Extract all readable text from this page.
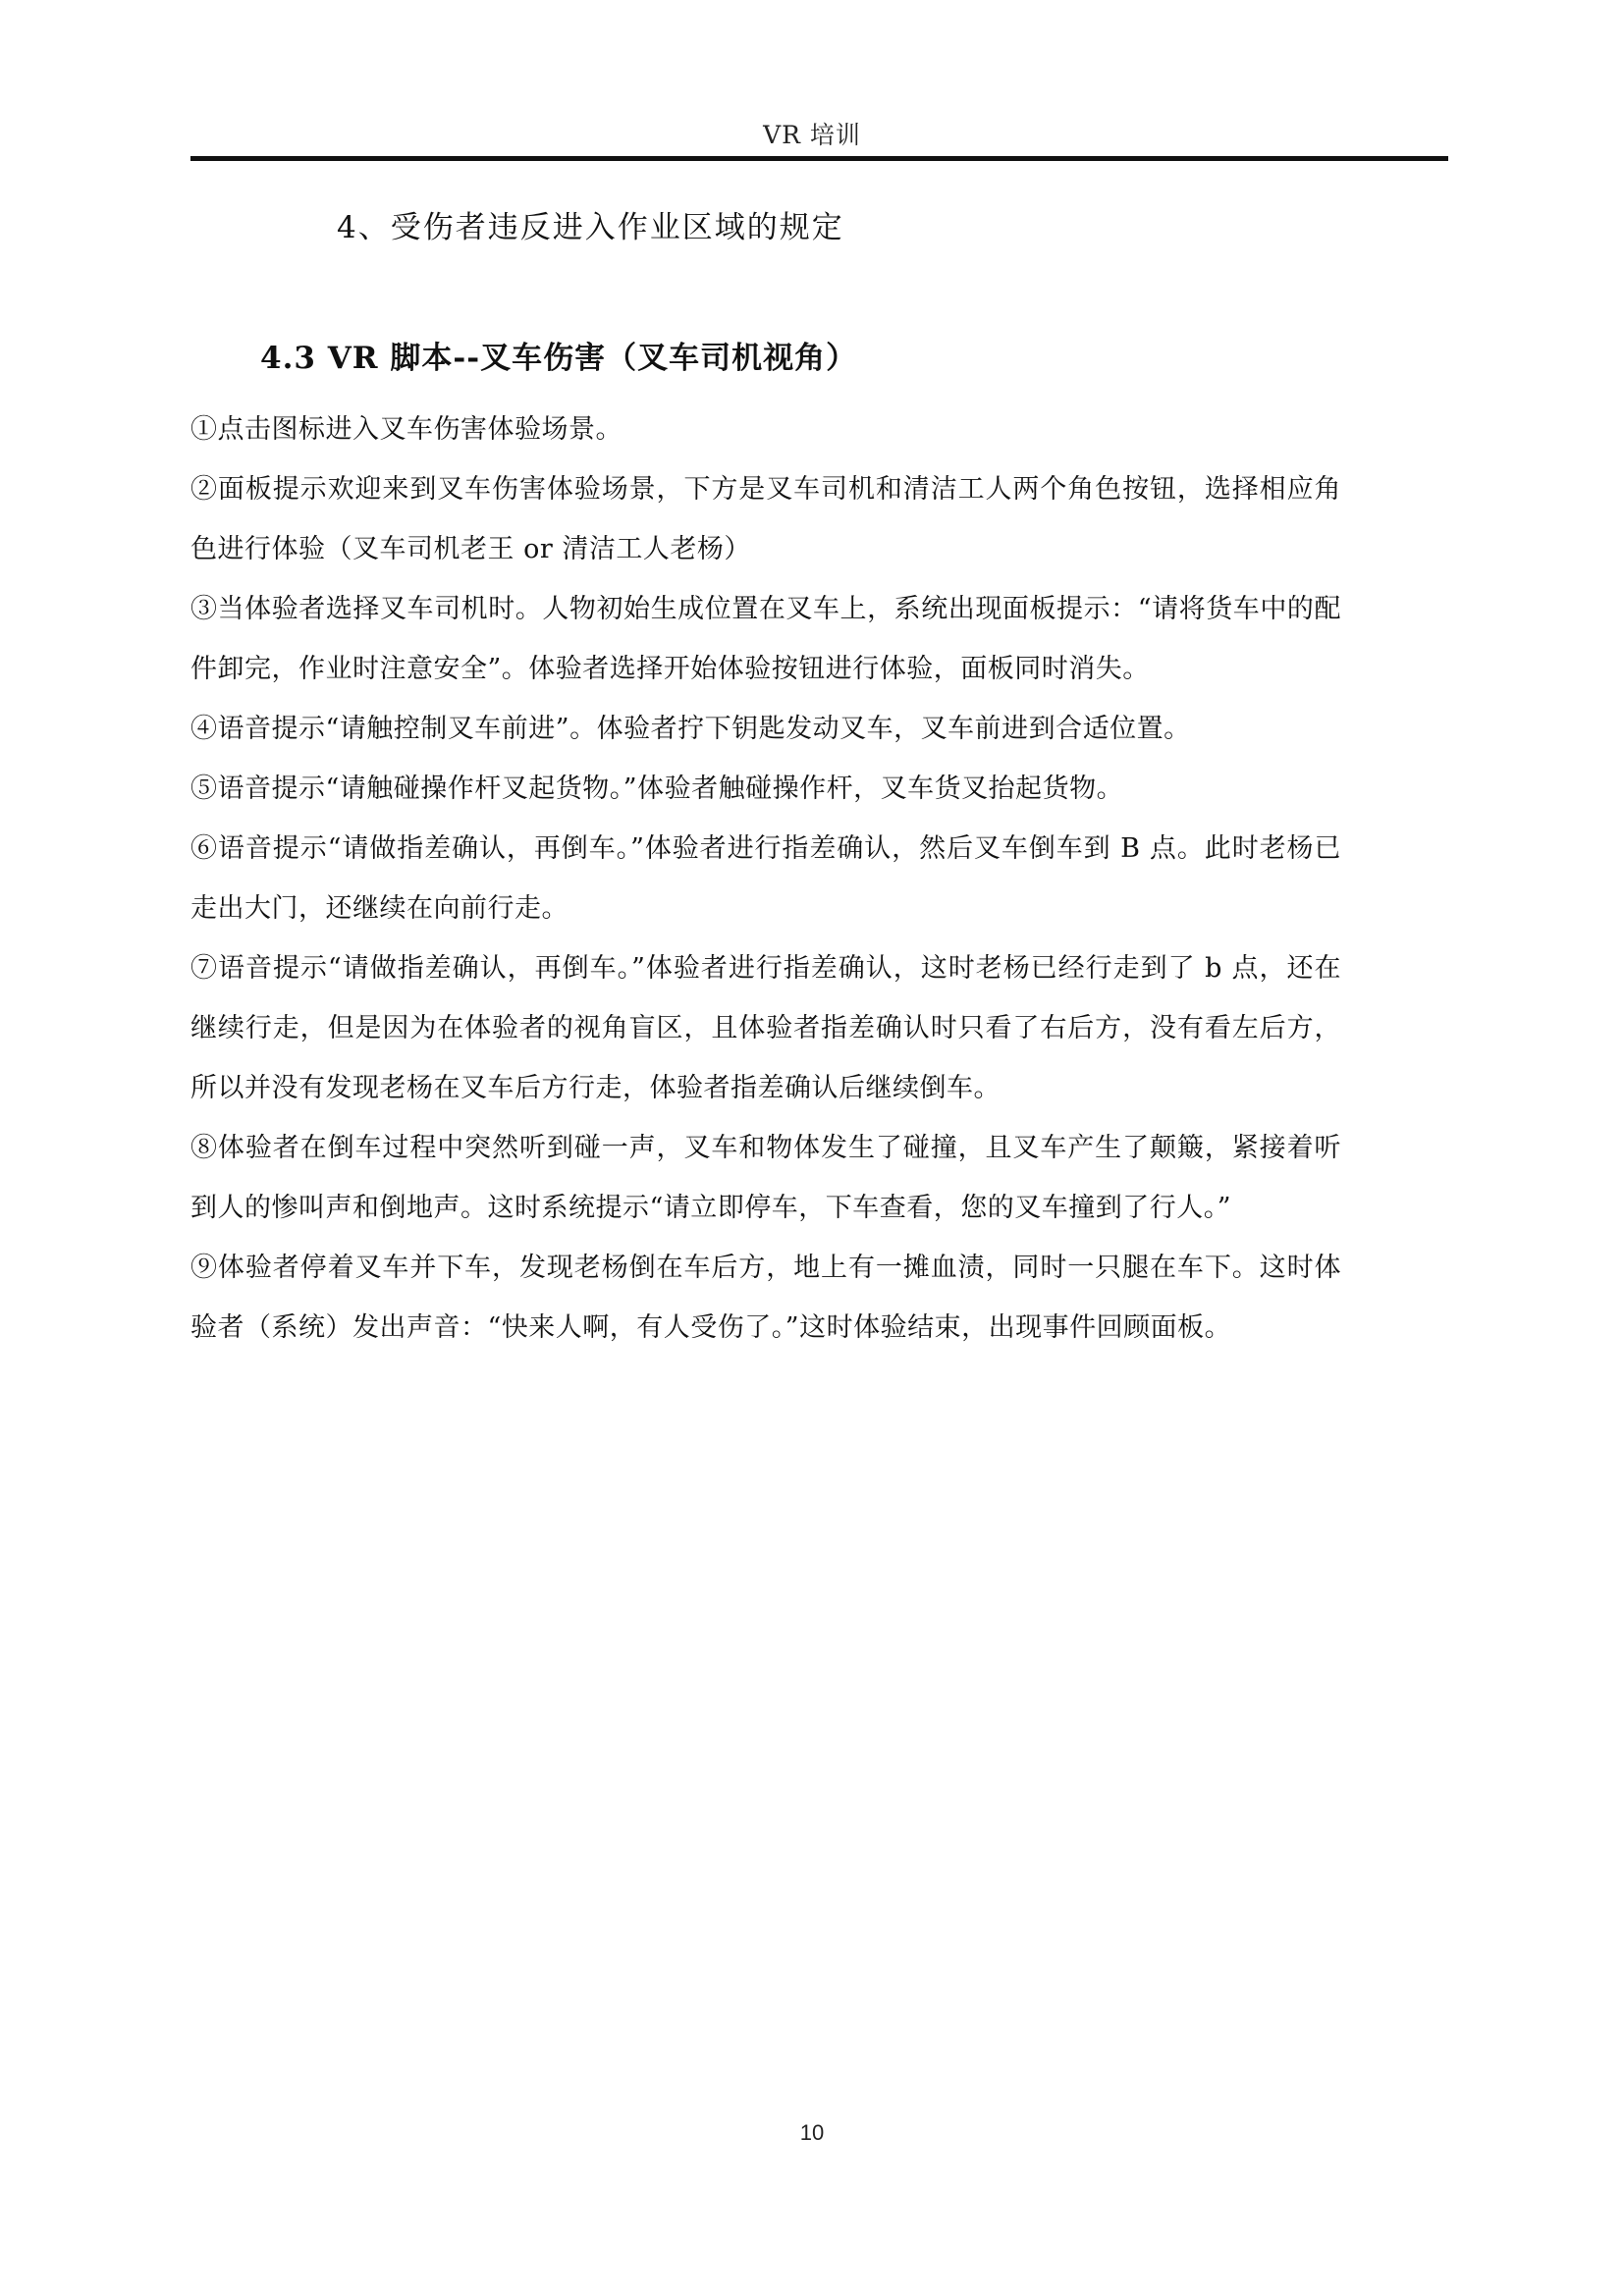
VR 培训
4、受伤者违反进入作业区域的规定
4.3 VR 脚本--叉车伤害（叉车司机视角）

①点击图标进入叉车伤害体验场景。

②面板提示欢迎来到叉车伤害体验场景，下方是叉车司机和清洁工人两个角色按钮，选择相应角色进行体验（叉车司机老王 or 清洁工人老杨）

③当体验者选择叉车司机时。人物初始生成位置在叉车上，系统出现面板提示：“请将货车中的配件卸完，作业时注意安全”。体验者选择开始体验按钮进行体验，面板同时消失。

④语音提示“请触控制叉车前进”。体验者拧下钥匙发动叉车，叉车前进到合适位置。

⑤语音提示“请触碰操作杆叉起货物。”体验者触碰操作杆，叉车货叉抬起货物。

⑥语音提示“请做指差确认，再倒车。”体验者进行指差确认，然后叉车倒车到 B 点。此时老杨已走出大门，还继续在向前行走。

⑦语音提示“请做指差确认，再倒车。”体验者进行指差确认，这时老杨已经行走到了 b 点，还在继续行走，但是因为在体验者的视角盲区，且体验者指差确认时只看了右后方，没有看左后方，所以并没有发现老杨在叉车后方行走，体验者指差确认后继续倒车。

⑧体验者在倒车过程中突然听到碰一声，叉车和物体发生了碰撞，且叉车产生了颠簸，紧接着听到人的惨叫声和倒地声。这时系统提示“请立即停车，下车查看，您的叉车撞到了行人。”

⑨体验者停着叉车并下车，发现老杨倒在车后方，地上有一摊血渍，同时一只腿在车下。这时体验者（系统）发出声音：“快来人啊，有人受伤了。”这时体验结束，出现事件回顾面板。

10
